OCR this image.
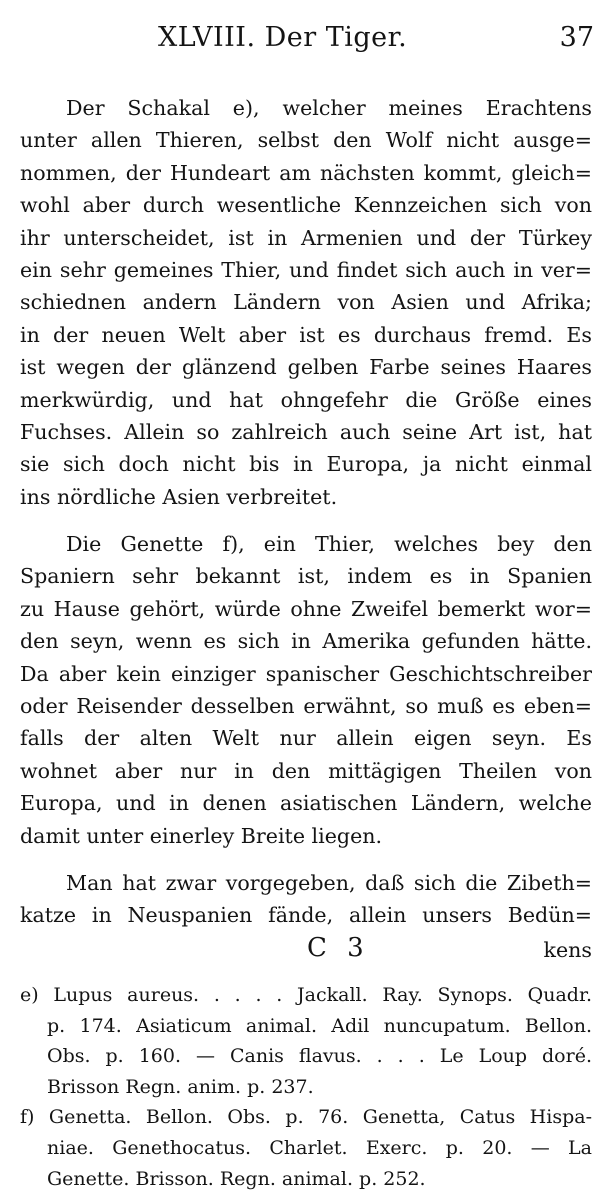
XLVIII. Der Tiger.	37
Der Schakal e), welcher meines Erachtens
unter allen Thieren, selbst den Wolf nicht ausge=
nommen, der Hundeart am nächsten kommt, gleich=
wohl aber durch wesentliche Kennzeichen sich von
ihr unterscheidet, ist in Armenien und der Türkey
ein sehr gemeines Thier, und findet sich auch in ver=
schiednen andern Ländern von Asien und Afrika;
in der neuen Welt aber ist es durchaus fremd. Es
ist wegen der glänzend gelben Farbe seines Haares
merkwürdig, und hat ohngefehr die Größe eines
Fuchses. Allein so zahlreich auch seine Art ist, hat
sie sich doch nicht bis in Europa, ja nicht einmal
ins nördliche Asien verbreitet.
Die Genette f), ein Thier, welches bey den
Spaniern sehr bekannt ist, indem es in Spanien
zu Hause gehört, würde ohne Zweifel bemerkt wor=
den seyn, wenn es sich in Amerika gefunden hätte.
Da aber kein einziger spanischer Geschichtschreiber
oder Reisender desselben erwähnt, so muß es eben=
falls der alten Welt nur allein eigen seyn. Es
wohnet aber nur in den mittägigen Theilen von
Europa, und in denen asiatischen Ländern, welche
damit unter einerley Breite liegen.
Man hat zwar vorgegeben, daß sich die Zibeth=
katze in Neuspanien fände, allein unsers Bedün=
C 3	kens
e) Lupus aureus. . . . . Jackall. Ray. Synops. Quadr.
p. 174. Asiaticum animal. Adil nuncupatum. Bellon.
Obs. p. 160. — Canis flavus. . . . Le Loup doré.
Brisson Regn. anim. p. 237.
f) Genetta. Bellon. Obs. p. 76. Genetta, Catus Hispa-
niae. Genethocatus. Charlet. Exerc. p. 20. — La
Genette. Brisson. Regn. animal. p. 252.
